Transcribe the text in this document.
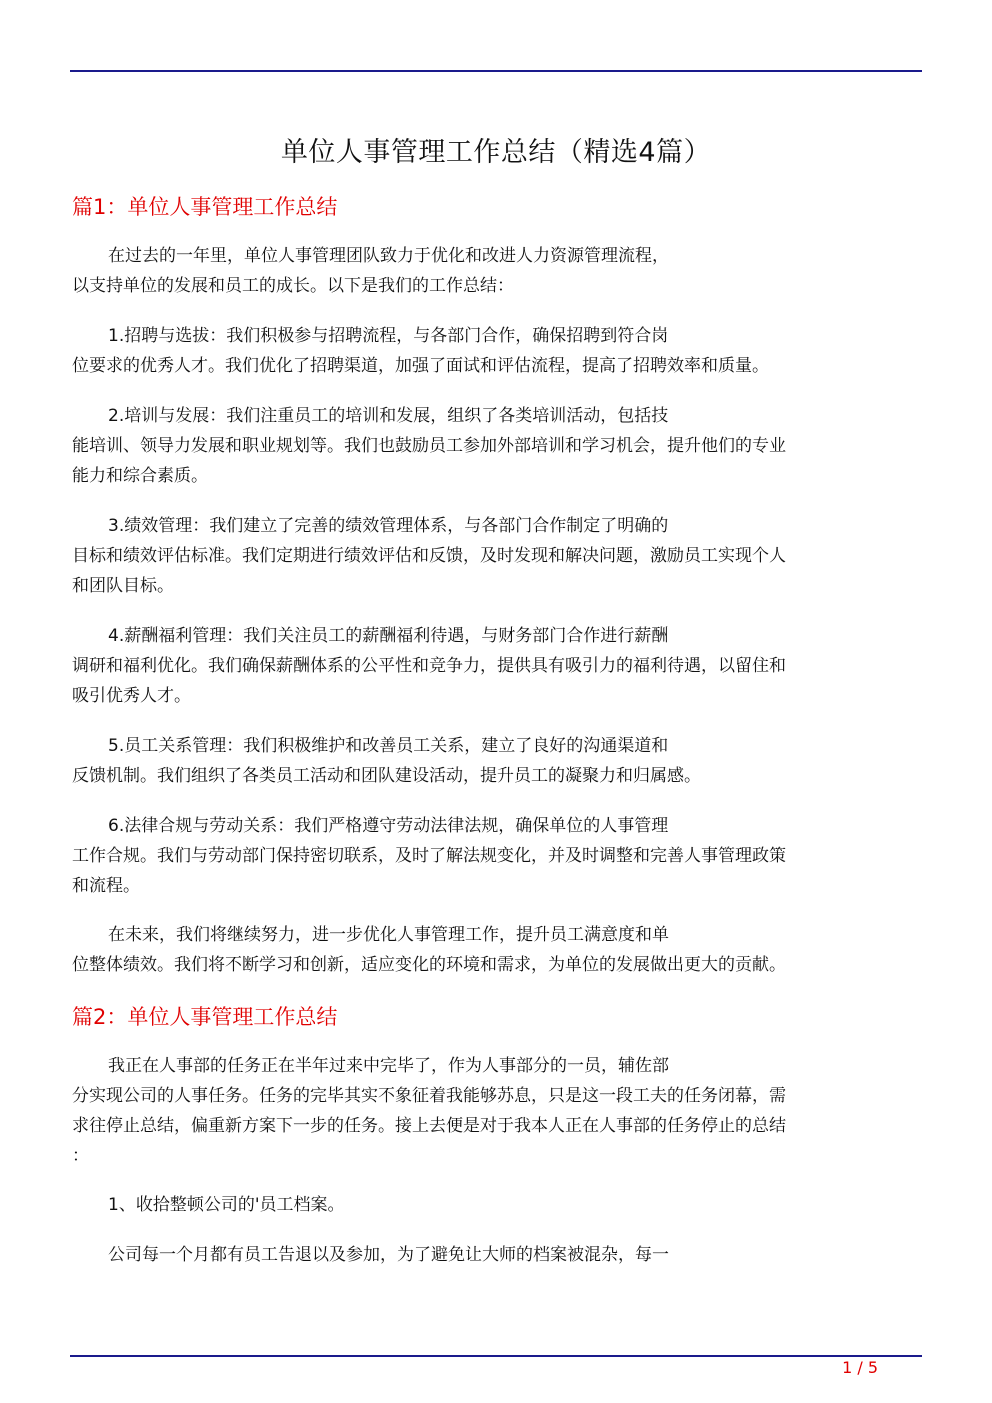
单位人事管理工作总结（精选4篇）
篇1：单位人事管理工作总结
在过去的一年里，单位人事管理团队致力于优化和改进人力资源管理流程，
以支持单位的发展和员工的成长。以下是我们的工作总结：
1.招聘与选拔：我们积极参与招聘流程，与各部门合作，确保招聘到符合岗
位要求的优秀人才。我们优化了招聘渠道，加强了面试和评估流程，提高了招聘效率和质量。
2.培训与发展：我们注重员工的培训和发展，组织了各类培训活动，包括技
能培训、领导力发展和职业规划等。我们也鼓励员工参加外部培训和学习机会，提升他们的专业
能力和综合素质。
3.绩效管理：我们建立了完善的绩效管理体系，与各部门合作制定了明确的
目标和绩效评估标准。我们定期进行绩效评估和反馈，及时发现和解决问题，激励员工实现个人
和团队目标。
4.薪酬福利管理：我们关注员工的薪酬福利待遇，与财务部门合作进行薪酬
调研和福利优化。我们确保薪酬体系的公平性和竞争力，提供具有吸引力的福利待遇，以留住和
吸引优秀人才。
5.员工关系管理：我们积极维护和改善员工关系，建立了良好的沟通渠道和
反馈机制。我们组织了各类员工活动和团队建设活动，提升员工的凝聚力和归属感。
6.法律合规与劳动关系：我们严格遵守劳动法律法规，确保单位的人事管理
工作合规。我们与劳动部门保持密切联系，及时了解法规变化，并及时调整和完善人事管理政策
和流程。
在未来，我们将继续努力，进一步优化人事管理工作，提升员工满意度和单
位整体绩效。我们将不断学习和创新，适应变化的环境和需求，为单位的发展做出更大的贡献。
篇2：单位人事管理工作总结
我正在人事部的任务正在半年过来中完毕了，作为人事部分的一员，辅佐部
分实现公司的人事任务。任务的完毕其实不象征着我能够苏息，只是这一段工夫的任务闭幕，需
求往停止总结，偏重新方案下一步的任务。接上去便是对于我本人正在人事部的任务停止的总结
：
1、收拾整顿公司的'员工档案。
公司每一个月都有员工告退以及参加，为了避免让大师的档案被混杂，每一
1 / 5
